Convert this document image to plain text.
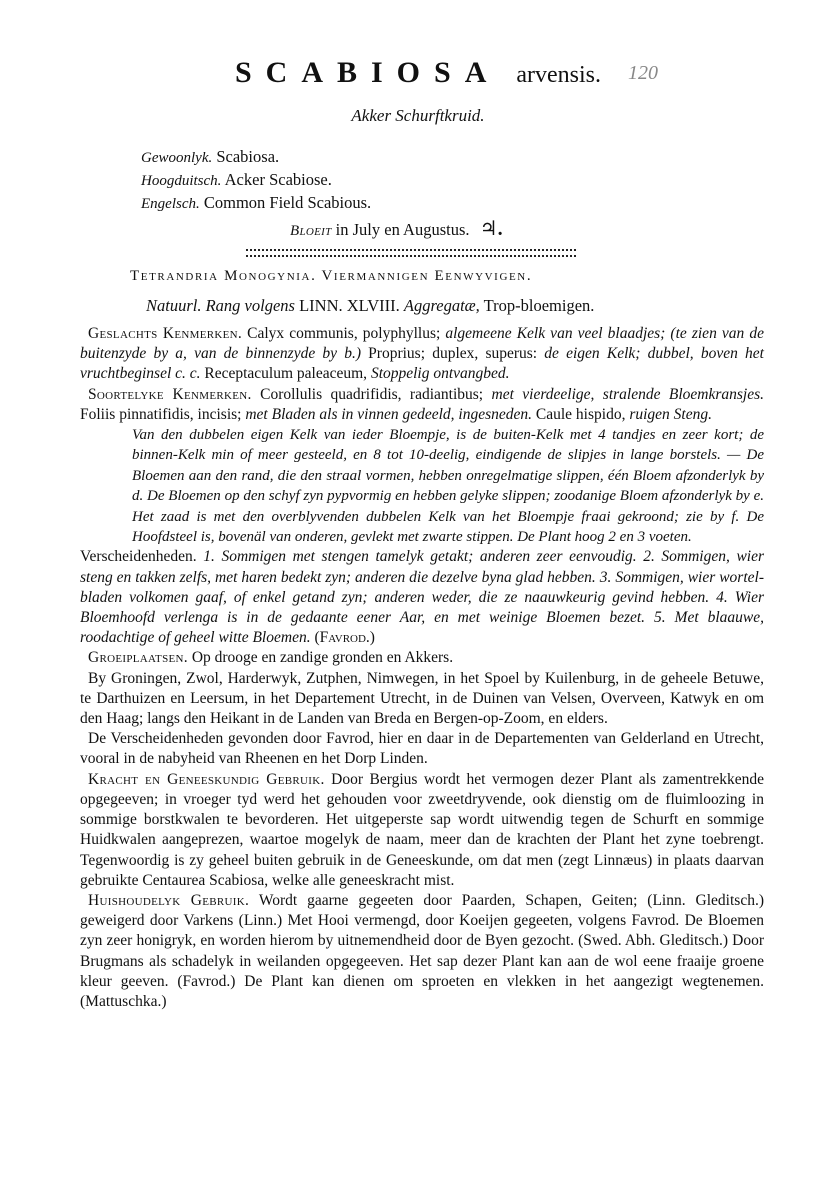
SCABIOSA arvensis.	120
Akker Schurftkruid.
Gewoonlyk. Scabiosa.
Hoogduitsch. Acker Scabiose.
Engelsch. Common Field Scabious.
Bloeit in July en Augustus. ♃.
Tetrandria Monogynia. Viermannigen Eenwyvigen.
Natuurl. Rang volgens LINN. XLVIII. Aggregatæ, Trop-bloemigen.

Geslachts Kenmerken. Calyx communis, polyphyllus; algemeene Kelk van veel blaadjes; (te zien van de buitenzyde by a, van de binnenzyde by b.) Proprius; duplex, superus: de eigen Kelk; dubbel, boven het vruchtbeginsel c. c. Receptaculum paleaceum, Stoppelig ontvangbed.

Soortelyke Kenmerken. Corollulis quadrifidis, radiantibus; met vierdeelige, stralende Bloemkransjes. Foliis pinnatifidis, incisis; met Bladen als in vinnen gedeeld, ingesneden. Caule hispido, ruigen Steng.

Van den dubbelen eigen Kelk van ieder Bloempje, is de buiten-Kelk met 4 tandjes en zeer kort; de binnen-Kelk min of meer gesteeld, en 8 tot 10-deelig, eindigende de slipjes in lange borstels. — De Bloemen aan den rand, die den straal vormen, hebben onregelmatige slippen, één Bloem afzonderlyk by d. De Bloemen op den schyf zyn pypvormig en hebben gelyke slippen; zoodanige Bloem afzonderlyk by e. Het zaad is met den overblyvenden dubbelen Kelk van het Bloempje fraai gekroond; zie by f. De Hoofdsteel is, bovenäl van onderen, gevlekt met zwarte stippen. De Plant hoog 2 en 3 voeten.

Verscheidenheden. 1. Sommigen met stengen tamelyk getakt; anderen zeer eenvoudig. 2. Sommigen, wier steng en takken zelfs, met haren bedekt zyn; anderen die dezelve byna glad hebben. 3. Sommigen, wier wortel-bladen volkomen gaaf, of enkel getand zyn; anderen weder, die ze naauwkeurig gevind hebben. 4. Wier Bloemhoofd verlenga is in de gedaante eener Aar, en met weinige Bloemen bezet. 5. Met blaauwe, roodachtige of geheel witte Bloemen. (Favrod.)

Groeiplaatsen. Op drooge en zandige gronden en Akkers.

By Groningen, Zwol, Harderwyk, Zutphen, Nimwegen, in het Spoel by Kuilenburg, in de geheele Betuwe, te Darthuizen en Leersum, in het Departement Utrecht, in de Duinen van Velsen, Overveen, Katwyk en om den Haag; langs den Heikant in de Landen van Breda en Bergen-op-Zoom, en elders.

De Verscheidenheden gevonden door Favrod, hier en daar in de Departementen van Gelderland en Utrecht, vooral in de nabyheid van Rheenen en het Dorp Linden.

Kracht en Geneeskundig Gebruik. Door Bergius wordt het vermogen dezer Plant als zamentrekkende opgegeeven; in vroeger tyd werd het gehouden voor zweetdryvende, ook dienstig om de fluimloozing in sommige borstkwalen te bevorderen. Het uitgeperste sap wordt uitwendig tegen de Schurft en sommige Huidkwalen aangeprezen, waartoe mogelyk de naam, meer dan de krachten der Plant het zyne toebrengt. Tegenwoordig is zy geheel buiten gebruik in de Geneeskunde, om dat men (zegt Linnæus) in plaats daarvan gebruikte Centaurea Scabiosa, welke alle geneeskracht mist.

Huishoudelyk Gebruik. Wordt gaarne gegeeten door Paarden, Schapen, Geiten; (Linn. Gleditsch.) geweigerd door Varkens (Linn.) Met Hooi vermengd, door Koeijen gegeeten, volgens Favrod. De Bloemen zyn zeer honigryk, en worden hierom by uitnemendheid door de Byen gezocht. (Swed. Abh. Gleditsch.) Door Brugmans als schadelyk in weilanden opgegeeven. Het sap dezer Plant kan aan de wol eene fraaije groene kleur geeven. (Favrod.) De Plant kan dienen om sproeten en vlekken in het aangezigt wegtenemen. (Mattuschka.)
